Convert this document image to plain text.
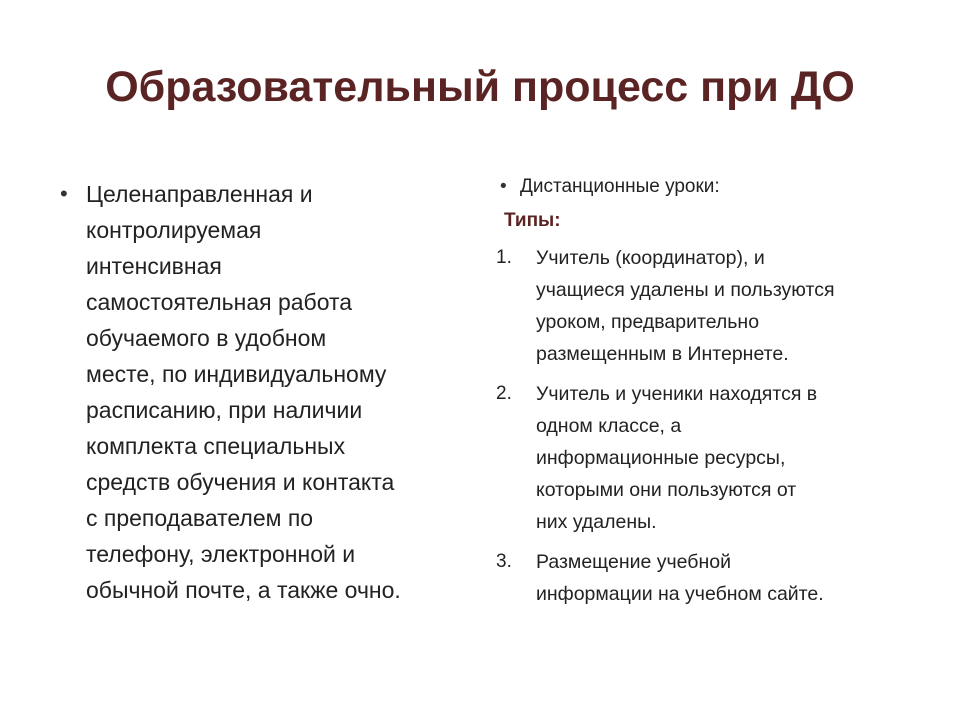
Образовательный процесс при ДО
• Целенаправленная и
контролируемая
интенсивная
самостоятельная работа
обучаемого в удобном
месте, по индивидуальному
расписанию, при наличии
комплекта специальных
средств обучения и контакта
с преподавателем по
телефону, электронной и
обычной почте, а также очно.
• Дистанционные уроки:
Типы:
1.	Учитель (координатор), и
учащиеся удалены и пользуются
уроком, предварительно
размещенным в Интернете.
2.	Учитель и ученики находятся в
одном классе, а
информационные ресурсы,
которыми они пользуются от
них удалены.
3.	Размещение учебной
информации на учебном сайте.
